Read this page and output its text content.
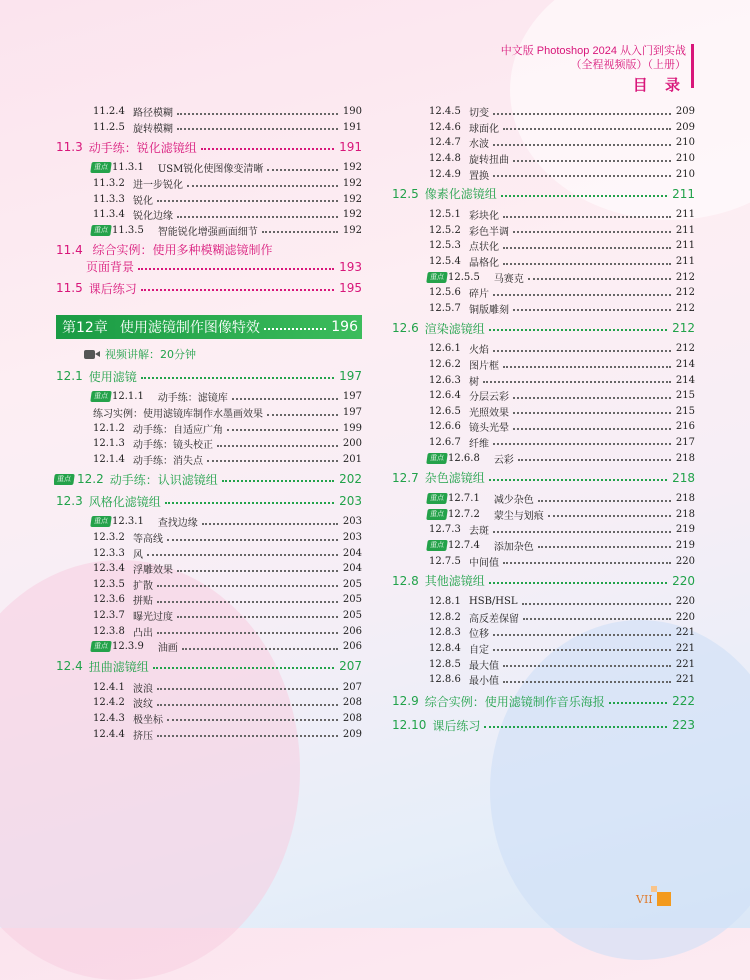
中文版 Photoshop 2024 从入门到实战
（全程视频版）（上册）
目 录
11.2.4 路径模糊	190
11.2.5 旋转模糊	191
11.3 动手练：锐化滤镜组	191
重点 11.3.1 USM锐化使图像变清晰	192
11.3.2 进一步锐化	192
11.3.3 锐化	192
11.3.4 锐化边缘	192
重点 11.3.5 智能锐化增强画面细节	192
11.4 综合实例：使用多种模糊滤镜制作
页面背景	193
11.5 课后练习	195
第12章 使用滤镜制作图像特效	196
视频讲解：20分钟
12.1 使用滤镜	197
重点 12.1.1 动手练：滤镜库	197
练习实例：使用滤镜库制作水墨画效果	197
12.1.2 动手练：自适应广角	199
12.1.3 动手练：镜头校正	200
12.1.4 动手练：消失点	201
重点 12.2 动手练：认识滤镜组	202
12.3 风格化滤镜组	203
重点 12.3.1 查找边缘	203
12.3.2 等高线	203
12.3.3 风	204
12.3.4 浮雕效果	204
12.3.5 扩散	205
12.3.6 拼贴	205
12.3.7 曝光过度	205
12.3.8 凸出	206
重点 12.3.9 油画	206
12.4 扭曲滤镜组	207
12.4.1 波浪	207
12.4.2 波纹	208
12.4.3 极坐标	208
12.4.4 挤压	209
12.4.5 切变	209
12.4.6 球面化	209
12.4.7 水波	210
12.4.8 旋转扭曲	210
12.4.9 置换	210
12.5 像素化滤镜组	211
12.5.1 彩块化	211
12.5.2 彩色半调	211
12.5.3 点状化	211
12.5.4 晶格化	211
重点 12.5.5 马赛克	212
12.5.6 碎片	212
12.5.7 铜版雕刻	212
12.6 渲染滤镜组	212
12.6.1 火焰	212
12.6.2 图片框	214
12.6.3 树	214
12.6.4 分层云彩	215
12.6.5 光照效果	215
12.6.6 镜头光晕	216
12.6.7 纤维	217
重点 12.6.8 云彩	218
12.7 杂色滤镜组	218
重点 12.7.1 减少杂色	218
重点 12.7.2 蒙尘与划痕	218
12.7.3 去斑	219
重点 12.7.4 添加杂色	219
12.7.5 中间值	220
12.8 其他滤镜组	220
12.8.1 HSB/HSL	220
12.8.2 高反差保留	220
12.8.3 位移	221
12.8.4 自定	221
12.8.5 最大值	221
12.8.6 最小值	221
12.9 综合实例：使用滤镜制作音乐海报	222
12.10 课后练习	223
VII
